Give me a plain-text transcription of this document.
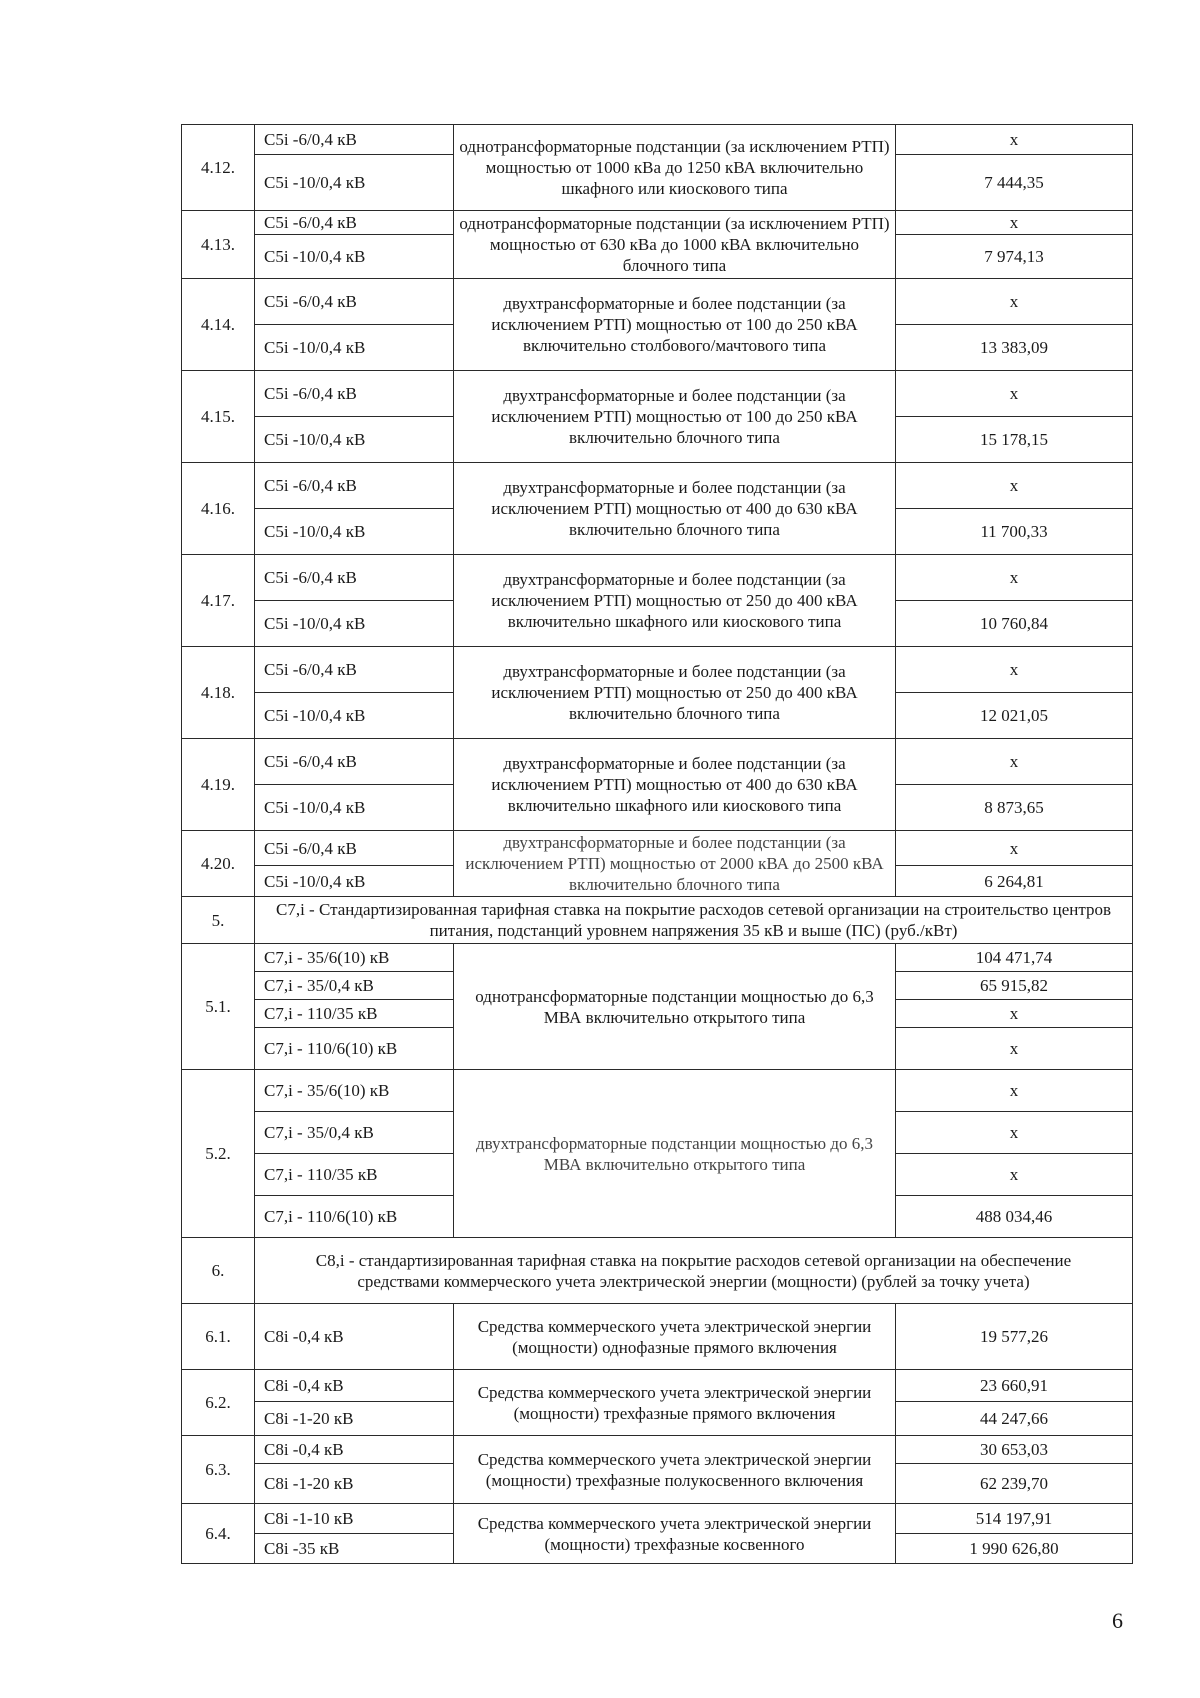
4.12.	C5i -6/0,4 кВ	однотрансформаторные подстанции (за исключением РТП) мощностью от 1000 кВа до 1250 кВА включительно шкафного или киоскового типа	x
	C5i -10/0,4 кВ		7 444,35
4.13.	C5i -6/0,4 кВ	однотрансформаторные подстанции (за исключением РТП) мощностью от 630 кВа до 1000 кВА включительно блочного типа	x
	C5i -10/0,4 кВ		7 974,13
4.14.	C5i -6/0,4 кВ	двухтрансформаторные и более подстанции (за исключением РТП) мощностью от 100 до 250 кВА включительно столбового/мачтового типа	x
	C5i -10/0,4 кВ		13 383,09
4.15.	C5i -6/0,4 кВ	двухтрансформаторные и более подстанции (за исключением РТП) мощностью от 100 до 250 кВА включительно блочного типа	x
	C5i -10/0,4 кВ		15 178,15
4.16.	C5i -6/0,4 кВ	двухтрансформаторные и более подстанции (за исключением РТП) мощностью от 400 до 630 кВА включительно блочного типа	x
	C5i -10/0,4 кВ		11 700,33
4.17.	C5i -6/0,4 кВ	двухтрансформаторные и более подстанции (за исключением РТП) мощностью от 250 до 400 кВА включительно шкафного или киоскового типа	x
	C5i -10/0,4 кВ		10 760,84
4.18.	C5i -6/0,4 кВ	двухтрансформаторные и более подстанции (за исключением РТП) мощностью от 250 до 400 кВА включительно блочного типа	x
	C5i -10/0,4 кВ		12 021,05
4.19.	C5i -6/0,4 кВ	двухтрансформаторные и более подстанции (за исключением РТП) мощностью от 400 до 630 кВА включительно шкафного или киоскового типа	x
	C5i -10/0,4 кВ		8 873,65
4.20.	C5i -6/0,4 кВ	двухтрансформаторные и более подстанции (за исключением РТП) мощностью от 2000 кВА до 2500 кВА включительно блочного типа	x
	C5i -10/0,4 кВ		6 264,81
5.	C7,i - Стандартизированная тарифная ставка на покрытие расходов сетевой организации на строительство центров питания, подстанций уровнем напряжения 35 кВ и выше (ПС) (руб./кВт)		
5.1.	C7,i - 35/6(10) кВ	однотрансформаторные подстанции мощностью до 6,3 МВА включительно открытого типа	104 471,74
	C7,i - 35/0,4 кВ		65 915,82
	C7,i - 110/35 кВ		x
	C7,i - 110/6(10) кВ		x
5.2.	C7,i - 35/6(10) кВ	двухтрансформаторные подстанции мощностью до 6,3 МВА включительно открытого типа	x
	C7,i - 35/0,4 кВ		x
	C7,i - 110/35 кВ		x
	C7,i - 110/6(10) кВ		488 034,46
6.	C8,i - стандартизированная тарифная ставка на покрытие расходов сетевой организации на обеспечение средствами коммерческого учета электрической энергии (мощности) (рублей за точку учета)		
6.1.	C8i -0,4 кВ	Средства коммерческого учета электрической энергии (мощности) однофазные прямого включения	19 577,26
6.2.	C8i -0,4 кВ	Средства коммерческого учета электрической энергии (мощности) трехфазные прямого включения	23 660,91
	C8i -1-20 кВ		44 247,66
6.3.	C8i -0,4 кВ	Средства коммерческого учета электрической энергии (мощности) трехфазные полукосвенного включения	30 653,03
	C8i -1-20 кВ		62 239,70
6.4.	C8i -1-10 кВ	Средства коммерческого учета электрической энергии (мощности) трехфазные косвенного	514 197,91
	C8i -35 кВ		1 990 626,80
6
